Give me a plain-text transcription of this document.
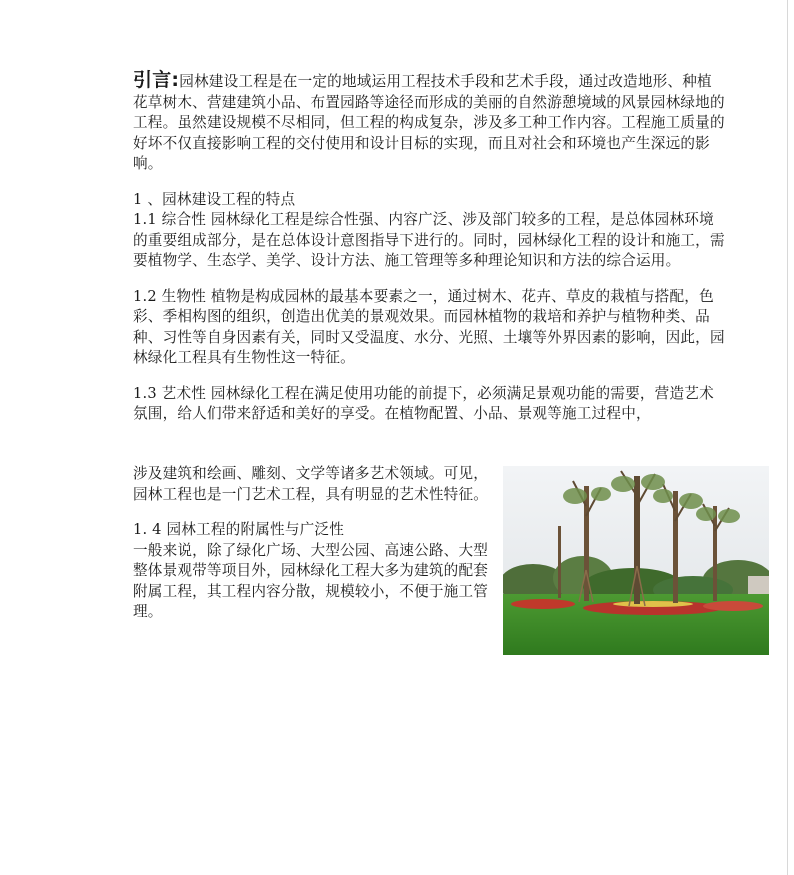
引言:园林建设工程是在一定的地域运用工程技术手段和艺术手段，通过改造地形、种植花草树木、营建建筑小品、布置园路等途径而形成的美丽的自然游憩境域的风景园林绿地的工程。虽然建设规模不尽相同，但工程的构成复杂，涉及多工种工作内容。工程施工质量的好坏不仅直接影响工程的交付使用和设计目标的实现，而且对社会和环境也产生深远的影响。

1 、园林建设工程的特点
1.1 综合性 园林绿化工程是综合性强、内容广泛、涉及部门较多的工程，是总体园林环境的重要组成部分，是在总体设计意图指导下进行的。同时，园林绿化工程的设计和施工，需要植物学、生态学、美学、设计方法、施工管理等多种理论知识和方法的综合运用。

1.2 生物性 植物是构成园林的最基本要素之一，通过树木、花卉、草皮的栽植与搭配，色彩、季相构图的组织，创造出优美的景观效果。而园林植物的栽培和养护与植物种类、品种、习性等自身因素有关，同时又受温度、水分、光照、土壤等外界因素的影响，因此，园林绿化工程具有生物性这一特征。

1.3 艺术性 园林绿化工程在满足使用功能的前提下，必须满足景观功能的需要，营造艺术氛围，给人们带来舒适和美好的享受。在植物配置、小品、景观等施工过程中，

涉及建筑和绘画、雕刻、文学等诸多艺术领域。可见，园林工程也是一门艺术工程，具有明显的艺术性特征。

1. 4 园林工程的附属性与广泛性

一般来说，除了绿化广场、大型公园、高速公路、大型整体景观带等项目外，园林绿化工程大多为建筑的配套附属工程，其工程内容分散，规模较小，不便于施工管理。
